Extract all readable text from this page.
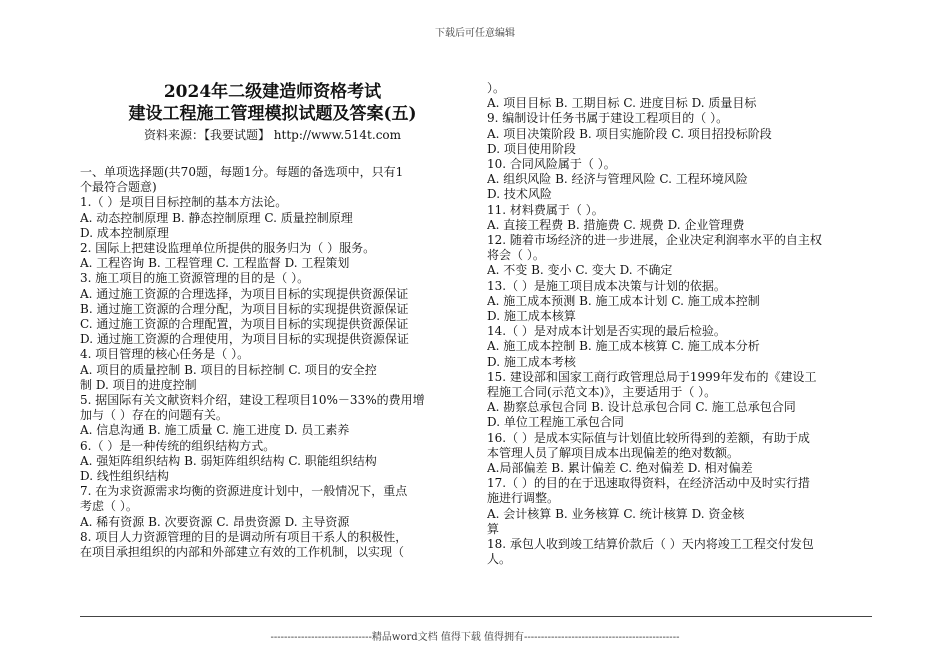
下载后可任意编辑
2024年二级建造师资格考试
建设工程施工管理模拟试题及答案(五)
资料来源：【我要试题】 http://www.514t.com
一、单项选择题(共70题，每题1分。每题的备选项中，只有1
个最符合题意)
1.（ ）是项目目标控制的基本方法论。
A. 动态控制原理 B. 静态控制原理 C. 质量控制原理
D. 成本控制原理
2. 国际上把建设监理单位所提供的服务归为（ ）服务。
A. 工程咨询 B. 工程管理 C. 工程监督 D. 工程策划
3. 施工项目的施工资源管理的目的是（ ）。
A. 通过施工资源的合理选择，为项目目标的实现提供资源保证
B. 通过施工资源的合理分配，为项目目标的实现提供资源保证
C. 通过施工资源的合理配置，为项目目标的实现提供资源保证
D. 通过施工资源的合理使用，为项目目标的实现提供资源保证
4. 项目管理的核心任务是（ ）。
A. 项目的质量控制 B. 项目的目标控制 C. 项目的安全控
制 D. 项目的进度控制
5. 据国际有关文献资料介绍，建设工程项目10%－33%的费用增
加与（ ）存在的问题有关。
A. 信息沟通 B. 施工质量 C. 施工进度 D. 员工素养
6.（ ）是一种传统的组织结构方式。
A. 强矩阵组织结构 B. 弱矩阵组织结构 C. 职能组织结构
D. 线性组织结构
7. 在为求资源需求均衡的资源进度计划中，一般情况下，重点
考虑（ ）。
A. 稀有资源 B. 次要资源 C. 昂贵资源 D. 主导资源
8. 项目人力资源管理的目的是调动所有项目干系人的积极性，
在项目承担组织的内部和外部建立有效的工作机制，以实现（
）。
A. 项目目标 B. 工期目标 C. 进度目标 D. 质量目标
9. 编制设计任务书属于建设工程项目的（ ）。
A. 项目决策阶段 B. 项目实施阶段 C. 项目招投标阶段
D. 项目使用阶段
10. 合同风险属于（ ）。
A. 组织风险 B. 经济与管理风险 C. 工程环境风险
D. 技术风险
11. 材料费属于（ ）。
A. 直接工程费 B. 措施费 C. 规费 D. 企业管理费
12. 随着市场经济的进一步进展，企业决定利润率水平的自主权
将会（ ）。
A. 不变 B. 变小 C. 变大 D. 不确定
13.（ ）是施工项目成本决策与计划的依据。
A. 施工成本预测 B. 施工成本计划 C. 施工成本控制
D. 施工成本核算
14.（ ）是对成本计划是否实现的最后检验。
A. 施工成本控制 B. 施工成本核算 C. 施工成本分析
D. 施工成本考核
15. 建设部和国家工商行政管理总局于1999年发布的《建设工
程施工合同(示范文本)》，主要适用于（ ）。
A. 勘察总承包合同 B. 设计总承包合同 C. 施工总承包合同
D. 单位工程施工承包合同
16.（ ）是成本实际值与计划值比较所得到的差额，有助于成
本管理人员了解项目成本出现偏差的绝对数额。
A.局部偏差 B. 累计偏差 C. 绝对偏差 D. 相对偏差
17.（ ）的目的在于迅速取得资料，在经济活动中及时实行措
施进行调整。
A. 会计核算 B. 业务核算 C. 统计核算 D. 资金核
算
18. 承包人收到竣工结算价款后（ ）天内将竣工工程交付发包
人。
------------------------------精品word文档 值得下载 值得拥有----------------------------------------------
